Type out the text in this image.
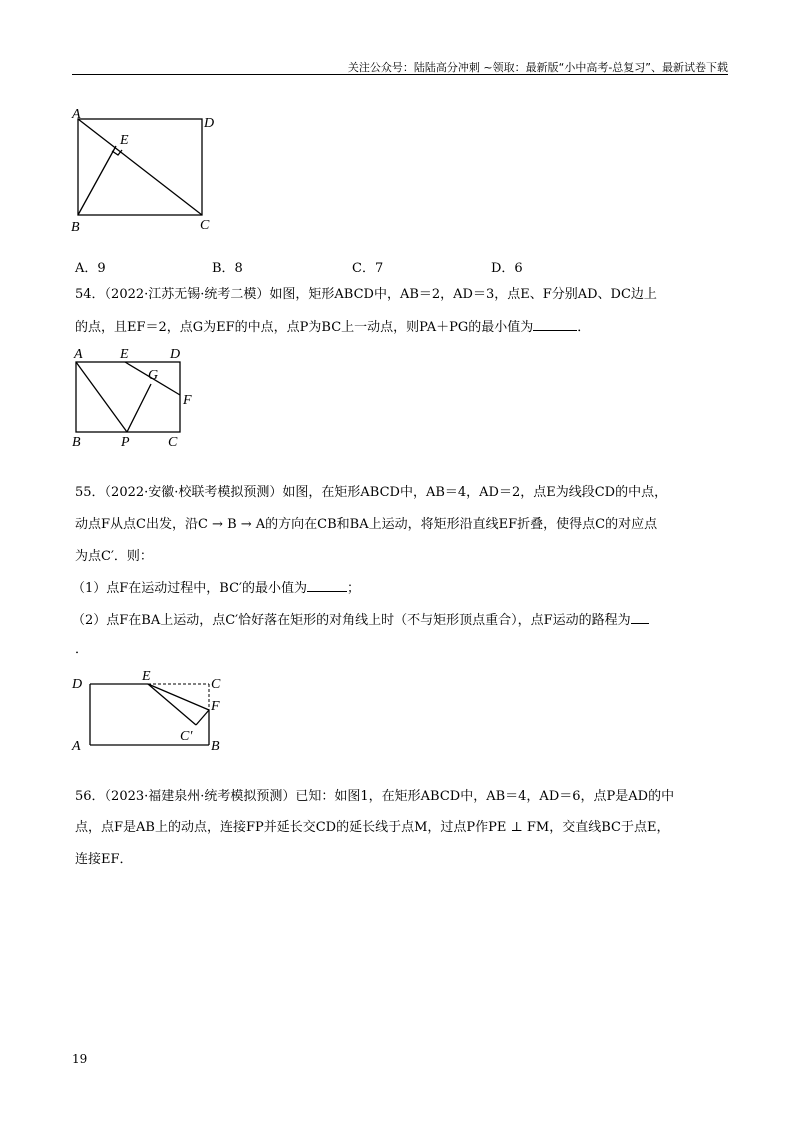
关注公众号：陆陆高分冲刺 ~领取：最新版“小中高考-总复习”、最新试卷下载
A
D
E
B	C
A．9	B．8	C．7	D．6
54．（2022·江苏无锡·统考二模）如图，矩形ABCD中，AB＝2，AD＝3，点E、F分别AD、DC边上
的点，且EF＝2，点G为EF的中点，点P为BC上一动点，则PA＋PG的最小值为	．
A	E	D
G
F
B	P	C
55．（2022·安徽·校联考模拟预测）如图，在矩形ABCD中，AB＝4，AD＝2，点E为线段CD的中点，
动点F从点C出发，沿C → B → A的方向在CB和BA上运动，将矩形沿直线EF折叠，使得点C的对应点
为点C′．则：
（1）点F在运动过程中，BC′的最小值为	；
（2）点F在BA上运动，点C′恰好落在矩形的对角线上时（不与矩形顶点重合），点F运动的路程为
．
D
E
C
F
C′
A	B
56．（2023·福建泉州·统考模拟预测）已知：如图1，在矩形ABCD中，AB＝4，AD＝6，点P是AD的中
点，点F是AB上的动点，连接FP并延长交CD的延长线于点M，过点P作PE ⊥ FM，交直线BC于点E，
连接EF．
19
